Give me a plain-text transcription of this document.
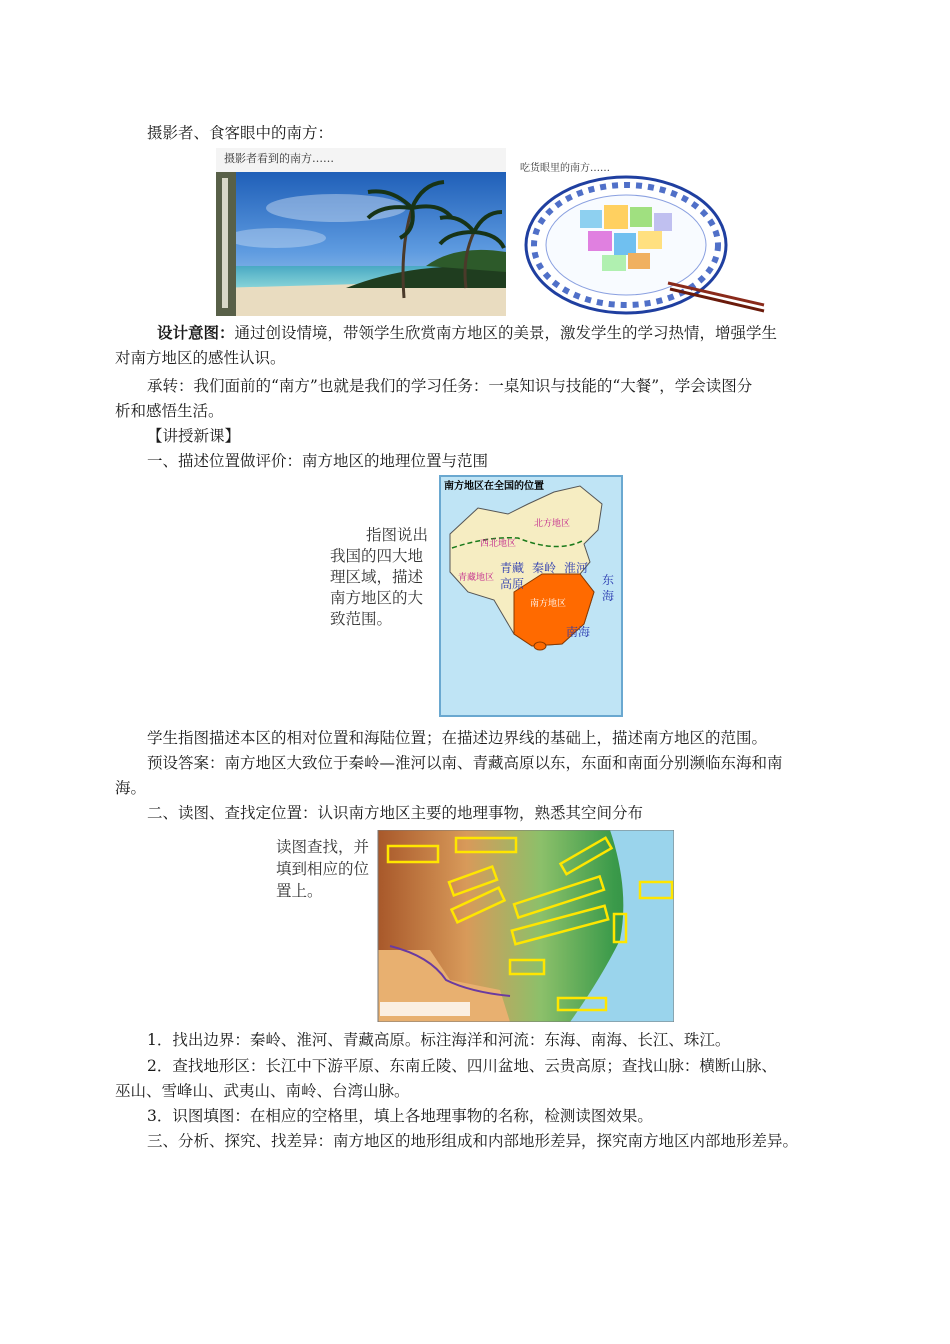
摄影者、食客眼中的南方：
摄影者看到的南方……
吃货眼里的南方……
设计意图：通过创设情境，带领学生欣赏南方地区的美景，激发学生的学习热情，增强学生
对南方地区的感性认识。
承转：我们面前的“南方”也就是我们的学习任务：一桌知识与技能的“大餐”，学会读图分
析和感悟生活。
【讲授新课】
一、描述位置做评价：南方地区的地理位置与范围
南方地区在全国的位置
西北地区
北方地区
青藏地区
南方地区
青藏
高原
秦岭 淮河
东
海
南海
指图说出
我国的四大地
理区域，描述
南方地区的大
致范围。
学生指图描述本区的相对位置和海陆位置；在描述边界线的基础上，描述南方地区的范围。
预设答案：南方地区大致位于秦岭—淮河以南、青藏高原以东，东面和南面分别濒临东海和南
海。
二、读图、查找定位置：认识南方地区主要的地理事物，熟悉其空间分布
读图查找，并
填到相应的位
置上。
1．找出边界：秦岭、淮河、青藏高原。标注海洋和河流：东海、南海、长江、珠江。
2．查找地形区：长江中下游平原、东南丘陵、四川盆地、云贵高原；查找山脉：横断山脉、
巫山、雪峰山、武夷山、南岭、台湾山脉。
3．识图填图：在相应的空格里，填上各地理事物的名称，检测读图效果。
三、分析、探究、找差异：南方地区的地形组成和内部地形差异，探究南方地区内部地形差异。
